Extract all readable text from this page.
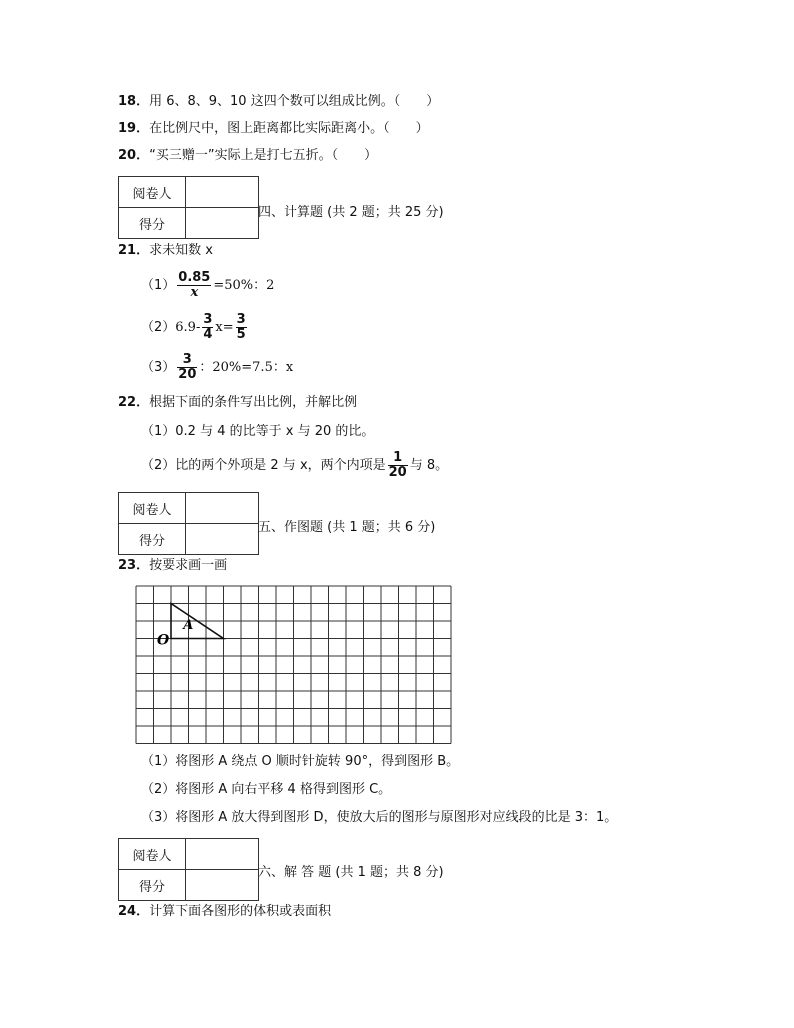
18．用 6、8、9、10 这四个数可以组成比例。（　　）
19．在比例尺中，图上距离都比实际距离小。（　　）
20．“买三赠一”实际上是打七五折。（　　）
阅卷人	
得分	
四、计算题 (共 2 题；共 25 分)
21．求未知数 x
$(1) \frac{0.85}{x} =50\%$：2
$(2)6.9- \frac{3}{4} x= \frac{3}{5}$
$(3) \frac{3}{20}$ ：20%=7.5：x
22．根据下面的条件写出比例，并解比例
（1）0.2 与 4 的比等于 x 与 20 的比。
（2）比的两个外项是 2 与 x，两个内项是 $\frac{1}{20}$ 与 8。
阅卷人	
得分	
五、作图题 (共 1 题；共 6 分)
23．按要求画一画
A
O
（1）将图形 A 绕点 O 顺时针旋转 90°，得到图形 B。
（2）将图形 A 向右平移 4 格得到图形 C。
（3）将图形 A 放大得到图形 D，使放大后的图形与原图形对应线段的比是 3：1。
阅卷人	
得分	
六、解 答 题 (共 1 题；共 8 分)
24．计算下面各图形的体积或表面积
